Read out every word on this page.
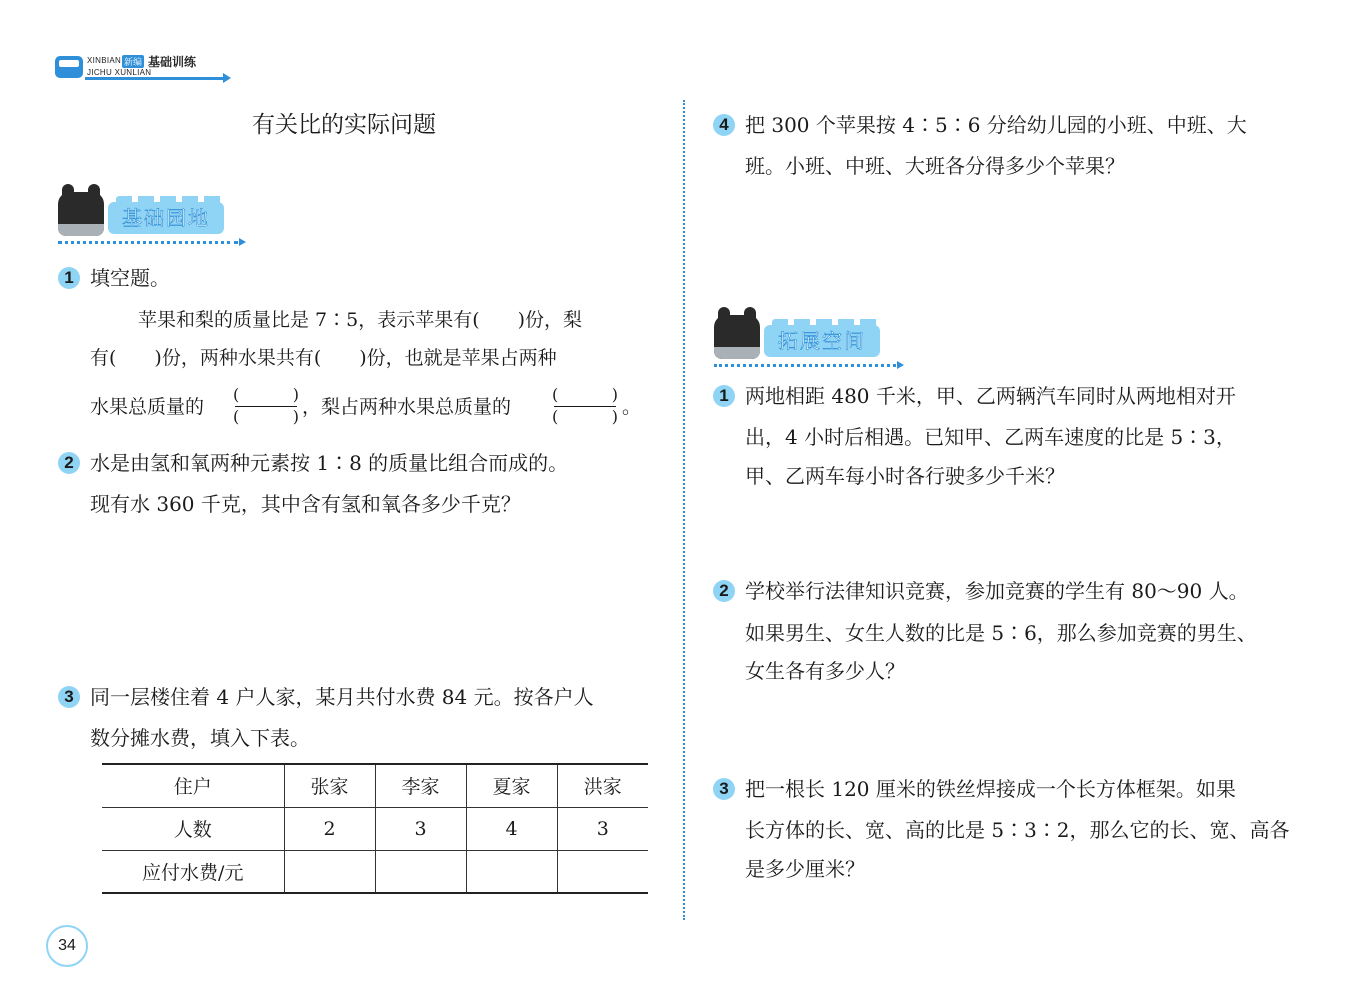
XINBIAN 新编 基础训练
JICHU XUNLIAN
有关比的实际问题
基础园地
1 填空题。
苹果和梨的质量比是 7∶5，表示苹果有(　　)份，梨
有(　　)份，两种水果共有(　　)份，也就是苹果占两种
水果总质量的
(	)
(	) ，梨占两种水果总质量的
(	)
(	) 。
2 水是由氢和氧两种元素按 1∶8 的质量比组合而成的。
现有水 360 千克，其中含有氢和氧各多少千克？
3 同一层楼住着 4 户人家，某月共付水费 84 元。按各户人
数分摊水费，填入下表。
住户	张家	李家	夏家	洪家
人数	2	3	4	3
应付水费/元				
34
4 把 300 个苹果按 4∶5∶6 分给幼儿园的小班、中班、大
班。小班、中班、大班各分得多少个苹果？
拓展空间
1 两地相距 480 千米，甲、乙两辆汽车同时从两地相对开
出，4 小时后相遇。已知甲、乙两车速度的比是 5∶3，
甲、乙两车每小时各行驶多少千米？
2 学校举行法律知识竞赛，参加竞赛的学生有 80～90 人。
如果男生、女生人数的比是 5∶6，那么参加竞赛的男生、
女生各有多少人？
3 把一根长 120 厘米的铁丝焊接成一个长方体框架。如果
长方体的长、宽、高的比是 5∶3∶2，那么它的长、宽、高各
是多少厘米？
